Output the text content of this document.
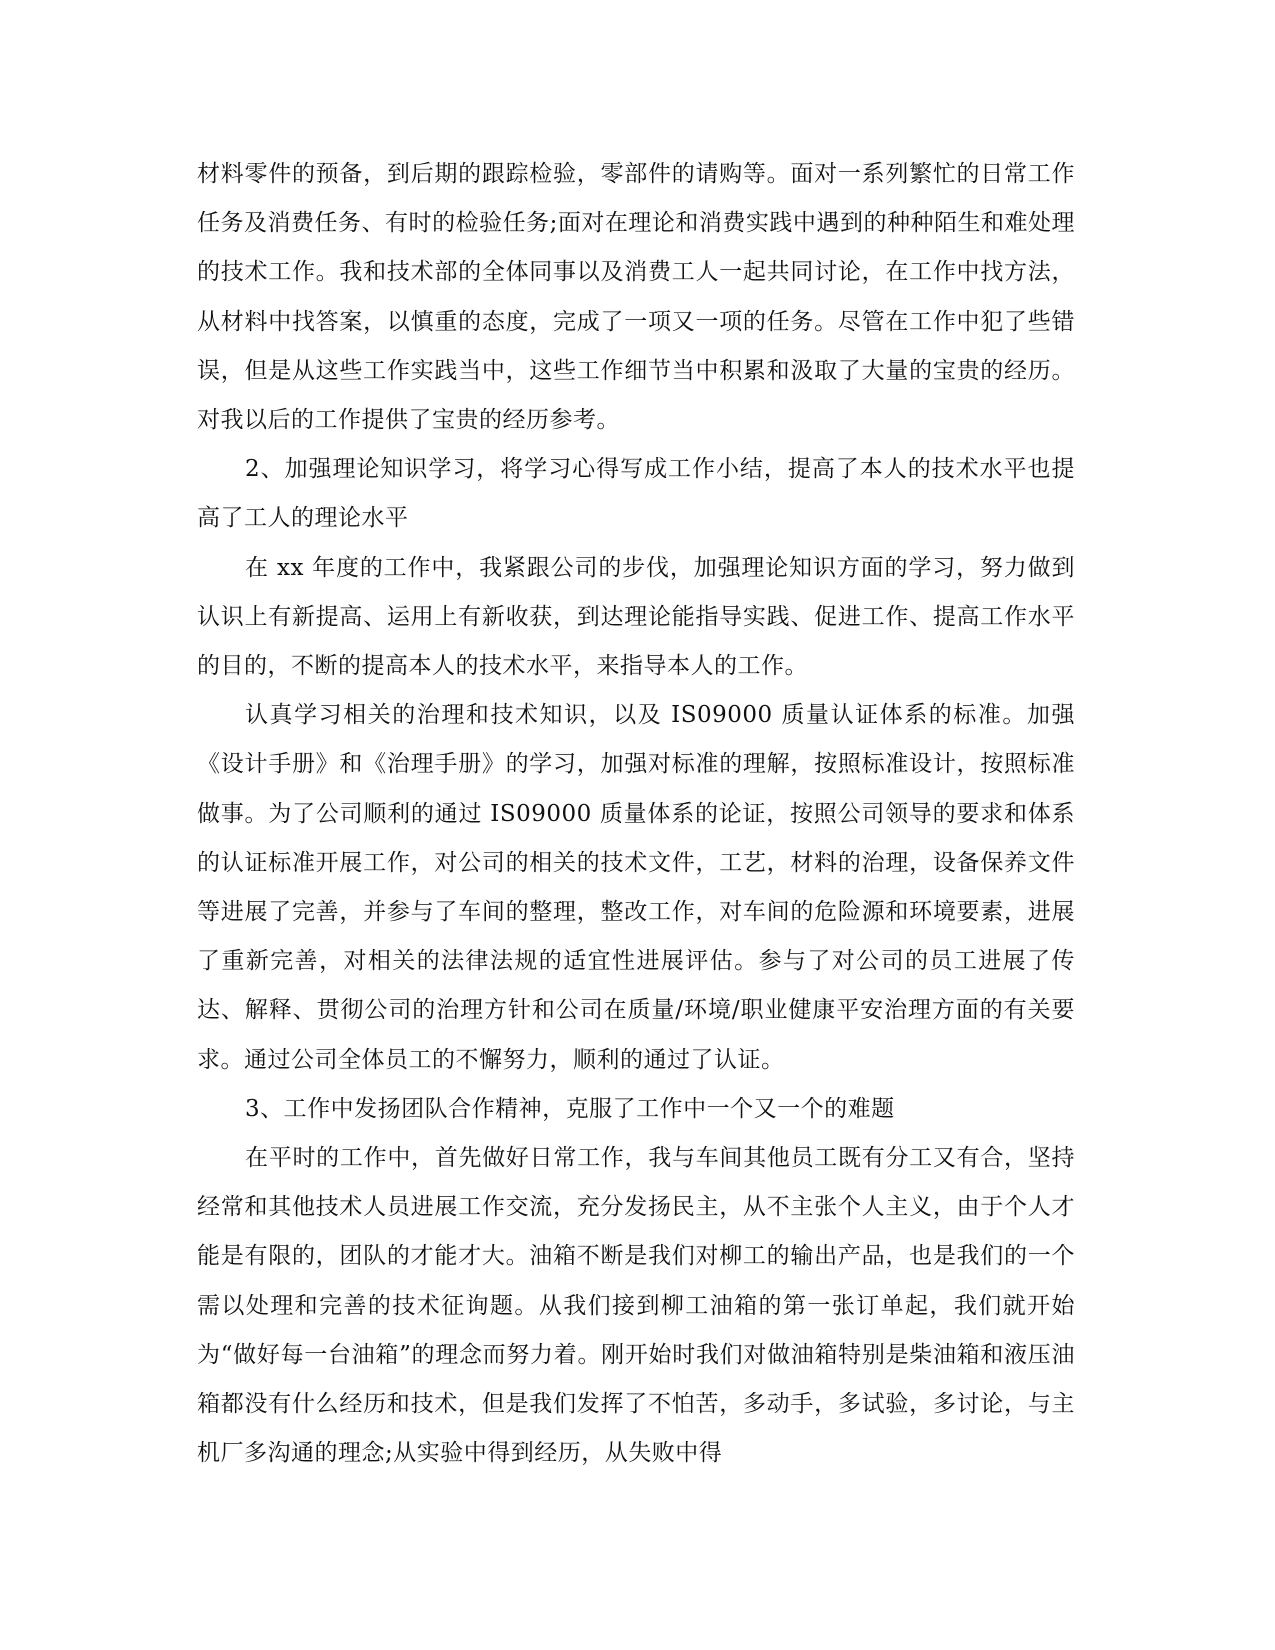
材料零件的预备，到后期的跟踪检验，零部件的请购等。面对一系列繁忙的日常工作任务及消费任务、有时的检验任务;面对在理论和消费实践中遇到的种种陌生和难处理的技术工作。我和技术部的全体同事以及消费工人一起共同讨论，在工作中找方法，从材料中找答案，以慎重的态度，完成了一项又一项的任务。尽管在工作中犯了些错误，但是从这些工作实践当中，这些工作细节当中积累和汲取了大量的宝贵的经历。对我以后的工作提供了宝贵的经历参考。

2、加强理论知识学习，将学习心得写成工作小结，提高了本人的技术水平也提高了工人的理论水平

在 xx 年度的工作中，我紧跟公司的步伐，加强理论知识方面的学习，努力做到认识上有新提高、运用上有新收获，到达理论能指导实践、促进工作、提高工作水平的目的，不断的提高本人的技术水平，来指导本人的工作。

认真学习相关的治理和技术知识，以及 IS09000 质量认证体系的标准。加强《设计手册》和《治理手册》的学习，加强对标准的理解，按照标准设计，按照标准做事。为了公司顺利的通过 IS09000 质量体系的论证，按照公司领导的要求和体系的认证标准开展工作，对公司的相关的技术文件，工艺，材料的治理，设备保养文件等进展了完善，并参与了车间的整理，整改工作，对车间的危险源和环境要素，进展了重新完善，对相关的法律法规的适宜性进展评估。参与了对公司的员工进展了传达、解释、贯彻公司的治理方针和公司在质量/环境/职业健康平安治理方面的有关要求。通过公司全体员工的不懈努力，顺利的通过了认证。

3、工作中发扬团队合作精神，克服了工作中一个又一个的难题

在平时的工作中，首先做好日常工作，我与车间其他员工既有分工又有合，坚持经常和其他技术人员进展工作交流，充分发扬民主，从不主张个人主义，由于个人才能是有限的，团队的才能才大。油箱不断是我们对柳工的输出产品，也是我们的一个需以处理和完善的技术征询题。从我们接到柳工油箱的第一张订单起，我们就开始为“做好每一台油箱”的理念而努力着。刚开始时我们对做油箱特别是柴油箱和液压油箱都没有什么经历和技术，但是我们发挥了不怕苦，多动手，多试验，多讨论，与主机厂多沟通的理念;从实验中得到经历，从失败中得
